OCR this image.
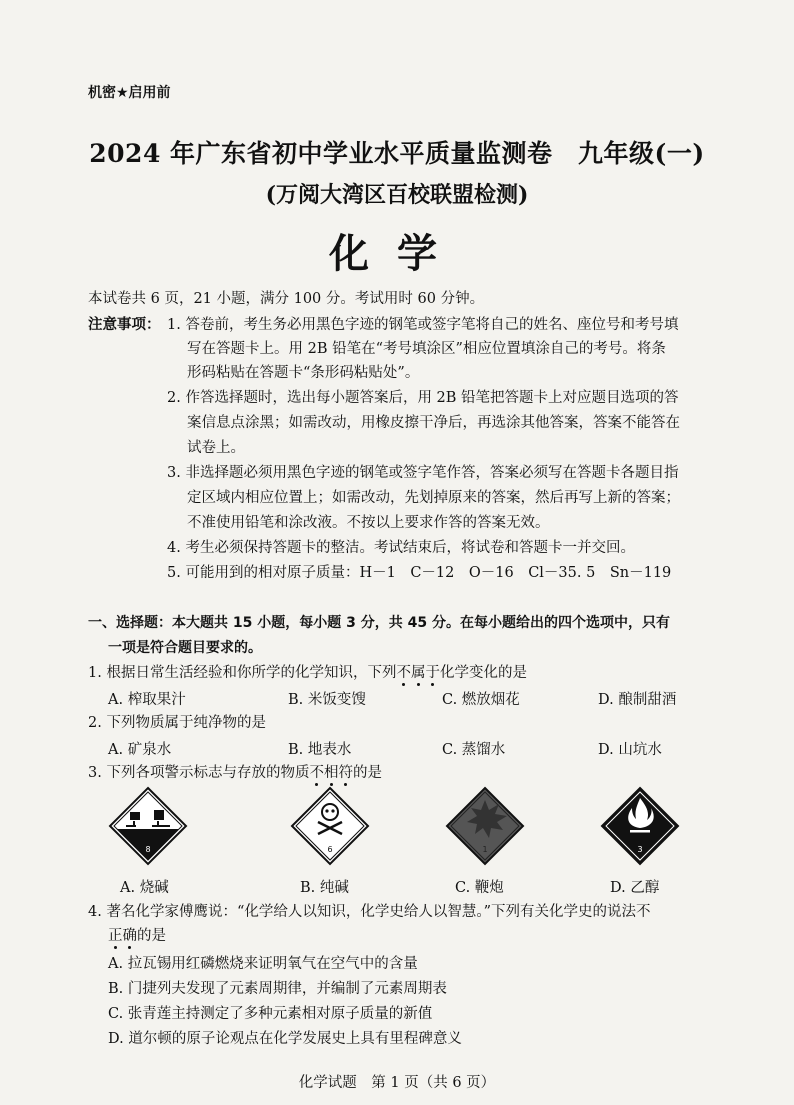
机密★启用前
2024 年广东省初中学业水平质量监测卷　九年级(一)
(万阅大湾区百校联盟检测)
化学
本试卷共 6 页，21 小题，满分 100 分。考试用时 60 分钟。
注意事项： 1. 答卷前，考生务必用黑色字迹的钢笔或签字笔将自己的姓名、座位号和考号填
写在答题卡上。用 2B 铅笔在“考号填涂区”相应位置填涂自己的考号。将条
形码粘贴在答题卡“条形码粘贴处”。
2. 作答选择题时，选出每小题答案后，用 2B 铅笔把答题卡上对应题目选项的答
案信息点涂黑；如需改动，用橡皮擦干净后，再选涂其他答案，答案不能答在
试卷上。
3. 非选择题必须用黑色字迹的钢笔或签字笔作答，答案必须写在答题卡各题目指
定区域内相应位置上；如需改动，先划掉原来的答案，然后再写上新的答案；
不准使用铅笔和涂改液。不按以上要求作答的答案无效。
4. 考生必须保持答题卡的整洁。考试结束后，将试卷和答题卡一并交回。
5. 可能用到的相对原子质量：H－1　C－12　O－16　Cl－35. 5　Sn－119
一、选择题：本大题共 15 小题，每小题 3 分，共 45 分。在每小题给出的四个选项中，只有
一项是符合题目要求的。
1. 根据日常生活经验和你所学的化学知识，下列不属于化学变化的是
A. 榨取果汁	B. 米饭变馊	C. 燃放烟花	D. 酿制甜酒
2. 下列物质属于纯净物的是
A. 矿泉水	B. 地表水	C. 蒸馏水	D. 山坑水
3. 下列各项警示标志与存放的物质不相符的是
8	6	1	3
A. 烧碱	B. 纯碱	C. 鞭炮	D. 乙醇
4. 著名化学家傅鹰说：“化学给人以知识，化学史给人以智慧。”下列有关化学史的说法不
正确的是
A. 拉瓦锡用红磷燃烧来证明氧气在空气中的含量
B. 门捷列夫发现了元素周期律，并编制了元素周期表
C. 张青莲主持测定了多种元素相对原子质量的新值
D. 道尔顿的原子论观点在化学发展史上具有里程碑意义
化学试题　第 1 页（共 6 页）
